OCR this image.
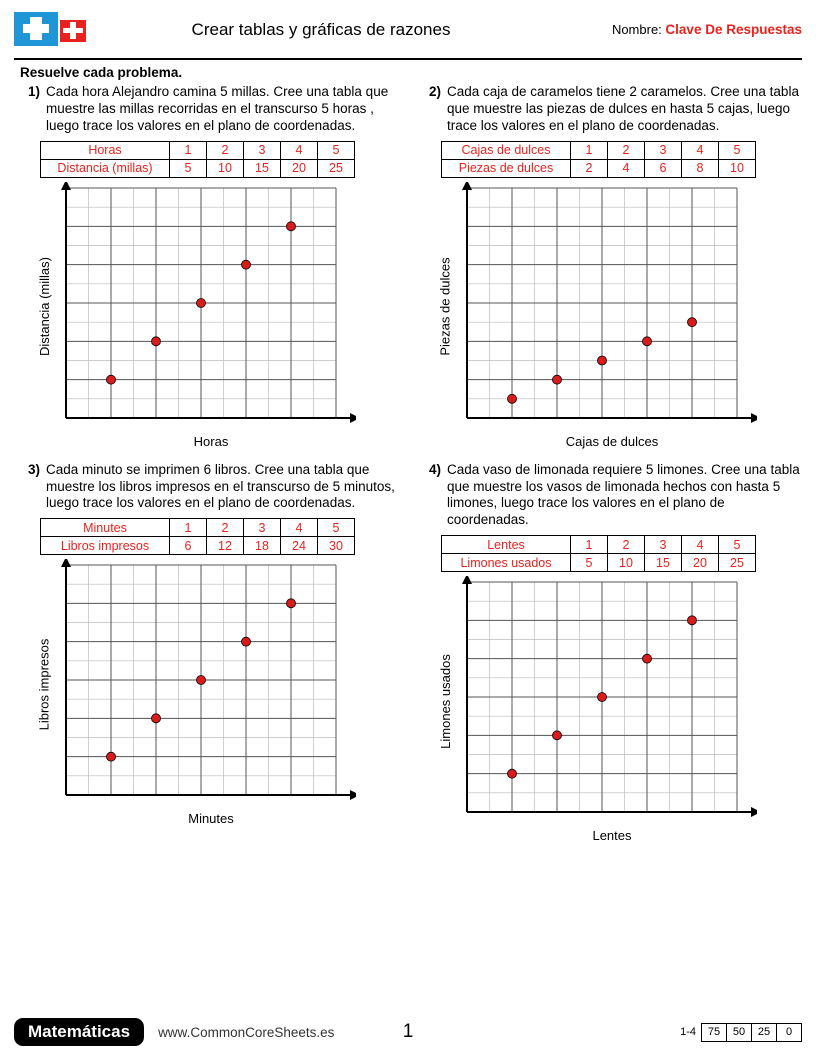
Crear tablas y gráficas de razones	Nombre: Clave De Respuestas
Resuelve cada problema.
1) Cada hora Alejandro camina 5 millas. Cree una tabla que muestre las millas recorridas en el transcurso 5 horas , luego trace los valores en el plano de coordenadas.
Horas	1	2	3	4	5
Distancia (millas)	5	10	15	20	25
Distancia (millas)
Horas
2) Cada caja de caramelos tiene 2 caramelos. Cree una tabla que muestre las piezas de dulces en hasta 5 cajas, luego trace los valores en el plano de coordenadas.
Cajas de dulces	1	2	3	4	5
Piezas de dulces	2	4	6	8	10
Piezas de dulces
Cajas de dulces
3) Cada minuto se imprimen 6 libros. Cree una tabla que muestre los libros impresos en el transcurso de 5 minutos, luego trace los valores en el plano de coordenadas.
Minutes	1	2	3	4	5
Libros impresos	6	12	18	24	30
Libros impresos
Minutes
4) Cada vaso de limonada requiere 5 limones. Cree una tabla que muestre los vasos de limonada hechos con hasta 5 limones, luego trace los valores en el plano de coordenadas.
Lentes	1	2	3	4	5
Limones usados	5	10	15	20	25
Limones usados
Lentes
Matemáticas	www.CommonCoreSheets.es	1	1-4 75	50	25	0
